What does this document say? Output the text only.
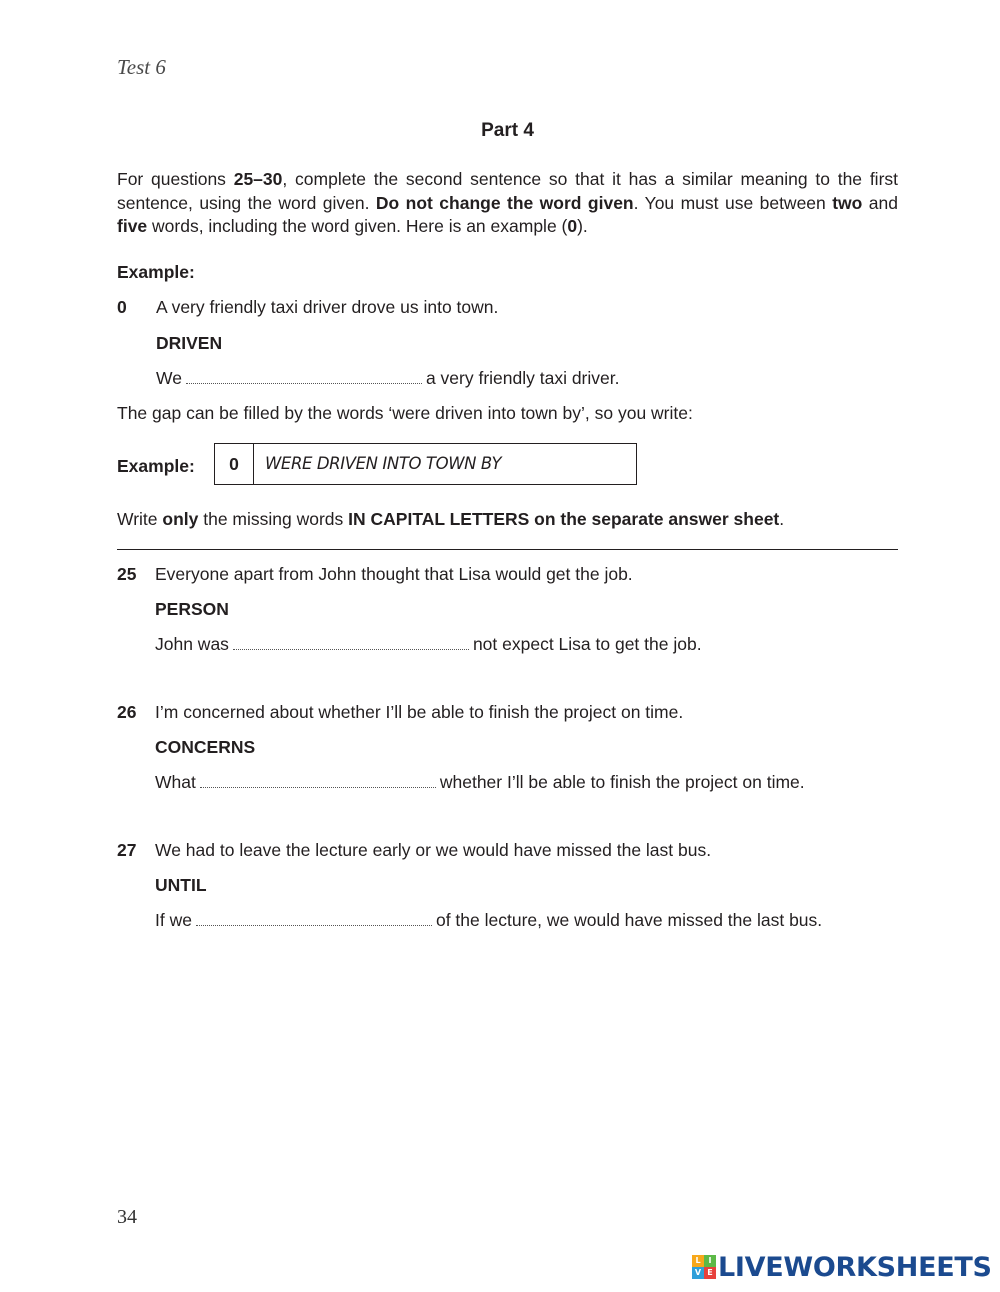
Test 6
Part 4
For questions 25–30, complete the second sentence so that it has a similar meaning to the first sentence, using the word given. Do not change the word given. You must use between two and five words, including the word given. Here is an example (0).
Example:
0 A very friendly taxi driver drove us into town.
DRIVEN
We	a very friendly taxi driver.
The gap can be filled by the words ‘were driven into town by’, so you write:
Example:	0	WERE DRIVEN INTO TOWN BY
Write only the missing words IN CAPITAL LETTERS on the separate answer sheet.
25 Everyone apart from John thought that Lisa would get the job.
PERSON
John was	not expect Lisa to get the job.
26 I’m concerned about whether I’ll be able to finish the project on time.
CONCERNS
What	whether I’ll be able to finish the project on time.
27 We had to leave the lecture early or we would have missed the last bus.
UNTIL
If we	of the lecture, we would have missed the last bus.
34
L I
V E LIVEWORKSHEETS
